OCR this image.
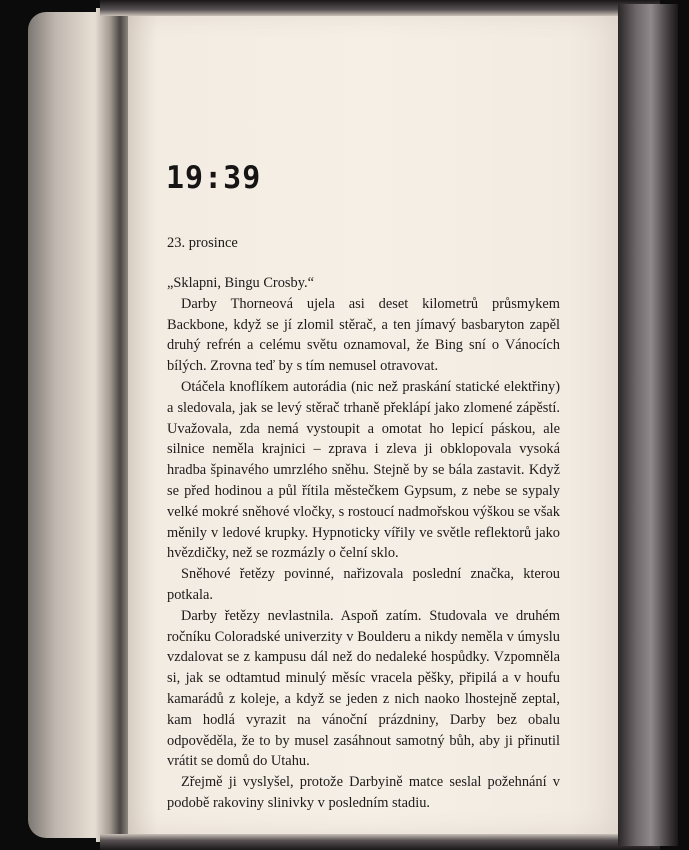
19:39
23. prosince

„Sklapni, Bingu Crosby.“

Darby Thorneová ujela asi deset kilometrů průsmykem Backbone, když se jí zlomil stěrač, a ten jímavý basbaryton zapěl druhý refrén a celému světu oznamoval, že Bing sní o Vánocích bílých. Zrovna teď by s tím nemusel otravovat.

Otáčela knoflíkem autorádia (nic než praskání statické elektřiny) a sledovala, jak se levý stěrač trhaně překlápí jako zlomené zápěstí. Uvažovala, zda nemá vystoupit a omotat ho lepicí páskou, ale silnice neměla krajnici – zprava i zleva ji obklopovala vysoká hradba špinavého umrzlého sněhu. Stejně by se bála zastavit. Když se před hodinou a půl řítila městečkem Gypsum, z nebe se sypaly velké mokré sněhové vločky, s rostoucí nadmořskou výškou se však měnily v ledové krupky. Hypnoticky vířily ve světle reflektorů jako hvězdičky, než se rozmázly o čelní sklo.

Sněhové řetězy povinné, nařizovala poslední značka, kterou potkala.

Darby řetězy nevlastnila. Aspoň zatím. Studovala ve druhém ročníku Coloradské univerzity v Boulderu a nikdy neměla v úmyslu vzdalovat se z kampusu dál než do nedaleké hospůdky. Vzpomněla si, jak se odtamtud minulý měsíc vracela pěšky, připilá a v houfu kamarádů z koleje, a když se jeden z nich naoko lhostejně zeptal, kam hodlá vyrazit na vánoční prázdniny, Darby bez obalu odpověděla, že to by musel zasáhnout samotný bůh, aby ji přinutil vrátit se domů do Utahu.

Zřejmě ji vyslyšel, protože Darbyině matce seslal požehnání v podobě rakoviny slinivky v posledním stadiu.
